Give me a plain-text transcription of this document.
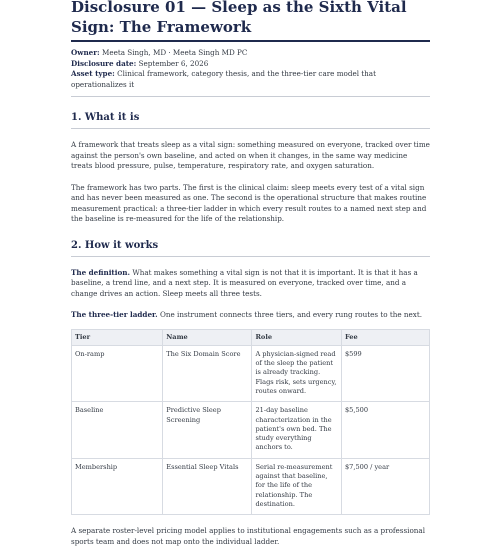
Disclosure 01 — Sleep as the Sixth Vital Sign: The Framework
Owner: Meeta Singh, MD · Meeta Singh MD PC
Disclosure date: September 6, 2026
Asset type: Clinical framework, category thesis, and the three-tier care model that operationalizes it
1. What it is

A framework that treats sleep as a vital sign: something measured on everyone, tracked over time against the person's own baseline, and acted on when it changes, in the same way medicine treats blood pressure, pulse, temperature, respiratory rate, and oxygen saturation.

The framework has two parts. The first is the clinical claim: sleep meets every test of a vital sign and has never been measured as one. The second is the operational structure that makes routine measurement practical: a three-tier ladder in which every result routes to a named next step and the baseline is re-measured for the life of the relationship.

2. How it works

The definition. What makes something a vital sign is not that it is important. It is that it has a baseline, a trend line, and a next step. It is measured on everyone, tracked over time, and a change drives an action. Sleep meets all three tests.

The three-tier ladder. One instrument connects three tiers, and every rung routes to the next.

Tier	Name	Role	Fee
On-ramp	The Six Domain Score	A physician-signed read of the sleep the patient is already tracking. Flags risk, sets urgency, routes onward.	$599
Baseline	Predictive Sleep Screening	21-day baseline characterization in the patient's own bed. The study everything anchors to.	$5,500
Membership	Essential Sleep Vitals	Serial re-measurement against that baseline, for the life of the relationship. The destination.	$7,500 / year

A separate roster-level pricing model applies to institutional engagements such as a professional sports team and does not map onto the individual ladder.
